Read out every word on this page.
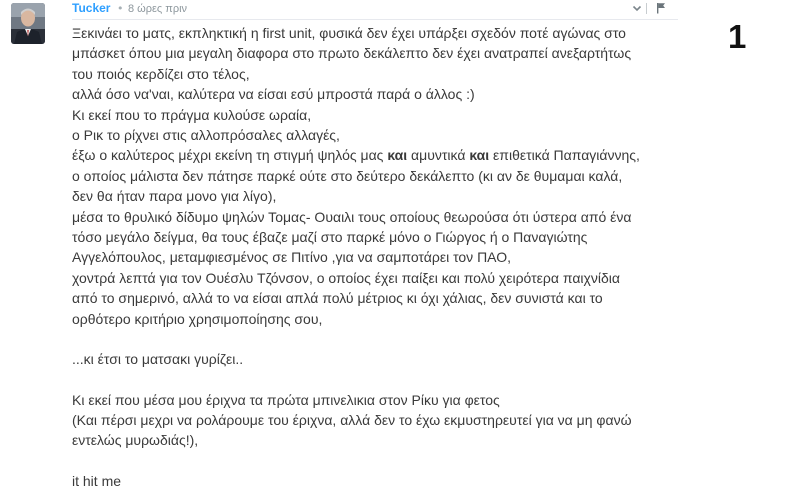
Tucker • 8 ώρες πριν
1

Ξεκινάει το ματς, εκπληκτική η first unit, φυσικά δεν έχει υπάρξει σχεδόν ποτέ αγώνας στο
μπάσκετ όπου μια μεγαλη διαφορα στο πρωτο δεκάλεπτο δεν έχει ανατραπεί ανεξαρτήτως
του ποιός κερδίζει στο τέλος,
αλλά όσο να'ναι, καλύτερα να είσαι εσύ μπροστά παρά ο άλλος :)
Κι εκεί που το πράγμα κυλούσε ωραία,
ο Ρικ το ρίχνει στις αλλοπρόσαλες αλλαγές,

έξω ο καλύτερος μέχρι εκείνη τη στιγμή ψηλός μας και αμυντικά και επιθετικά Παπαγιάννης,

ο οποίος μάλιστα δεν πάτησε παρκέ ούτε στο δεύτερο δεκάλεπτο (κι αν δε θυμαμαι καλά,
δεν θα ήταν παρα μονο για λίγο),
μέσα το θρυλικό δίδυμο ψηλών Τομας- Ουαιλι τους οποίους θεωρούσα ότι ύστερα από ένα
τόσο μεγάλο δείγμα, θα τους έβαζε μαζί στο παρκέ μόνο ο Γιώργος ή ο Παναγιώτης
Αγγελόπουλος, μεταμφιεσμένος σε Πιτίνο ,για να σαμποτάρει τον ΠΑΟ,
χοντρά λεπτά για τον Ουέσλυ Τζόνσον, ο οποίος έχει παίξει και πολύ χειρότερα παιχνίδια
από το σημερινό, αλλά το να είσαι απλά πολύ μέτριος κι όχι χάλιας, δεν συνιστά και το
ορθότερο κριτήριο χρησιμοποίησης σου,

...κι έτσι το ματσακι γυρίζει..

Κι εκεί που μέσα μου έριχνα τα πρώτα μπινελικια στον Ρίκυ για φετος
(Και πέρσι μεχρι να ρολάρουμε του έριχνα, αλλά δεν το έχω εκμυστηρευτεί για να μη φανώ
εντελώς μυρωδιάς!),

it hit me
